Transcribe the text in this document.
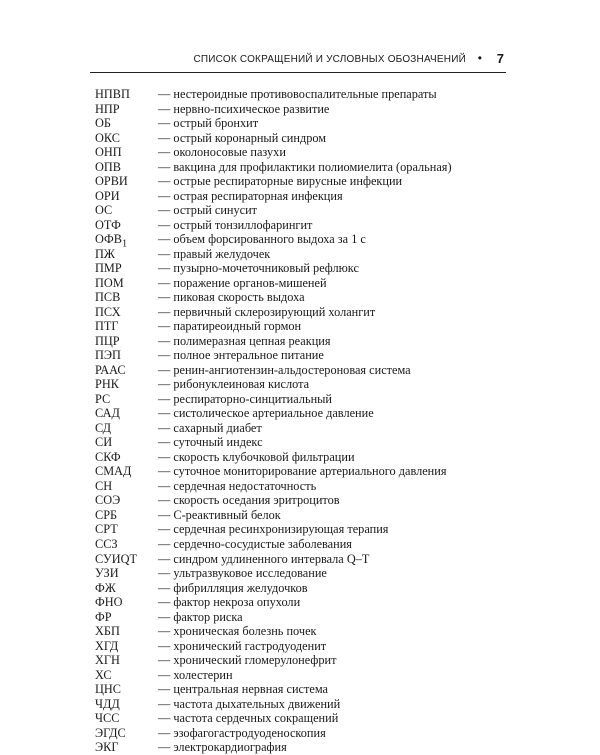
СПИСОК СОКРАЩЕНИЙ И УСЛОВНЫХ ОБОЗНАЧЕНИЙ • 7
НПВП	— нестероидные противовоспалительные препараты
НПР	— нервно-психическое развитие
ОБ	— острый бронхит
ОКС	— острый коронарный синдром
ОНП	— околоносовые пазухи
ОПВ	— вакцина для профилактики полиомиелита (оральная)
ОРВИ	— острые респираторные вирусные инфекции
ОРИ	— острая респираторная инфекция
ОС	— острый синусит
ОТФ	— острый тонзиллофарингит
$ОФВ_1$	— объем форсированного выдоха за 1 с
ПЖ	— правый желудочек
ПМР	— пузырно-мочеточниковый рефлюкс
ПОМ	— поражение органов-мишеней
ПСВ	— пиковая скорость выдоха
ПСХ	— первичный склерозирующий холангит
ПТГ	— паратиреоидный гормон
ПЦР	— полимеразная цепная реакция
ПЭП	— полное энтеральное питание
РААС	— ренин-ангиотензин-альдостероновая система
РНК	— рибонуклеиновая кислота
РС	— респираторно-синцитиальный
САД	— систолическое артериальное давление
СД	— сахарный диабет
СИ	— суточный индекс
СКФ	— скорость клубочковой фильтрации
СМАД	— суточное мониторирование артериального давления
СН	— сердечная недостаточность
СОЭ	— скорость оседания эритроцитов
СРБ	— С-реактивный белок
СРТ	— сердечная ресинхронизирующая терапия
ССЗ	— сердечно-сосудистые заболевания
СУИQT	— синдром удлиненного интервала Q–T
УЗИ	— ультразвуковое исследование
ФЖ	— фибрилляция желудочков
ФНО	— фактор некроза опухоли
ФР	— фактор риска
ХБП	— хроническая болезнь почек
ХГД	— хронический гастродуоденит
ХГН	— хронический гломерулонефрит
ХС	— холестерин
ЦНС	— центральная нервная система
ЧДД	— частота дыхательных движений
ЧСС	— частота сердечных сокращений
ЭГДС	— эзофагогастродуоденоскопия
ЭКГ	— электрокардиография
